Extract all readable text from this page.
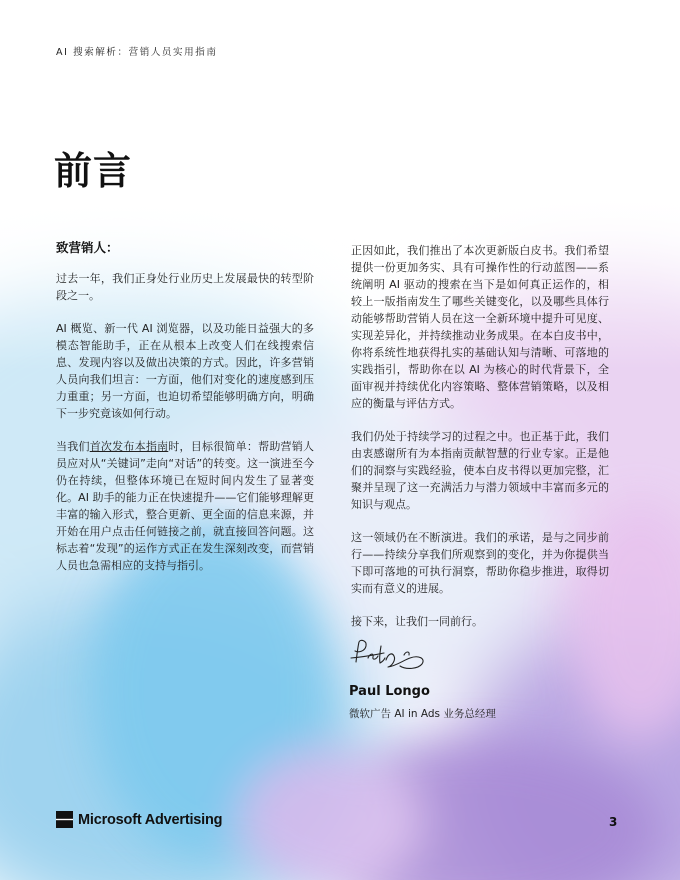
AI 搜索解析：营销人员实用指南
前言

致营销人：

过去一年，我们正身处行业历史上发展最快的转型阶段之一。

AI 概览、新一代 AI 浏览器，以及功能日益强大的多模态智能助手，正在从根本上改变人们在线搜索信息、发现内容以及做出决策的方式。因此，许多营销人员向我们坦言：一方面，他们对变化的速度感到压力重重；另一方面，也迫切希望能够明确方向，明确下一步究竟该如何行动。

当我们首次发布本指南时，目标很简单：帮助营销人员应对从“关键词”走向“对话”的转变。这一演进至今仍在持续，但整体环境已在短时间内发生了显著变化。AI 助手的能力正在快速提升——它们能够理解更丰富的输入形式，整合更新、更全面的信息来源，并开始在用户点击任何链接之前，就直接回答问题。这标志着“发现”的运作方式正在发生深刻改变，而营销人员也急需相应的支持与指引。

正因如此，我们推出了本次更新版白皮书。我们希望提供一份更加务实、具有可操作性的行动蓝图——系统阐明 AI 驱动的搜索在当下是如何真正运作的，相较上一版指南发生了哪些关键变化，以及哪些具体行动能够帮助营销人员在这一全新环境中提升可见度、实现差异化，并持续推动业务成果。在本白皮书中，你将系统性地获得扎实的基础认知与清晰、可落地的实践指引，帮助你在以 AI 为核心的时代背景下，全面审视并持续优化内容策略、整体营销策略，以及相应的衡量与评估方式。

我们仍处于持续学习的过程之中。也正基于此，我们由衷感谢所有为本指南贡献智慧的行业专家。正是他们的洞察与实践经验，使本白皮书得以更加完整，汇聚并呈现了这一充满活力与潜力领域中丰富而多元的知识与观点。

这一领域仍在不断演进。我们的承诺，是与之同步前行——持续分享我们所观察到的变化，并为你提供当下即可落地的可执行洞察，帮助你稳步推进，取得切实而有意义的进展。

接下来，让我们一同前行。

Paul Longo
微软广告 AI in Ads 业务总经理
Microsoft Advertising	3
